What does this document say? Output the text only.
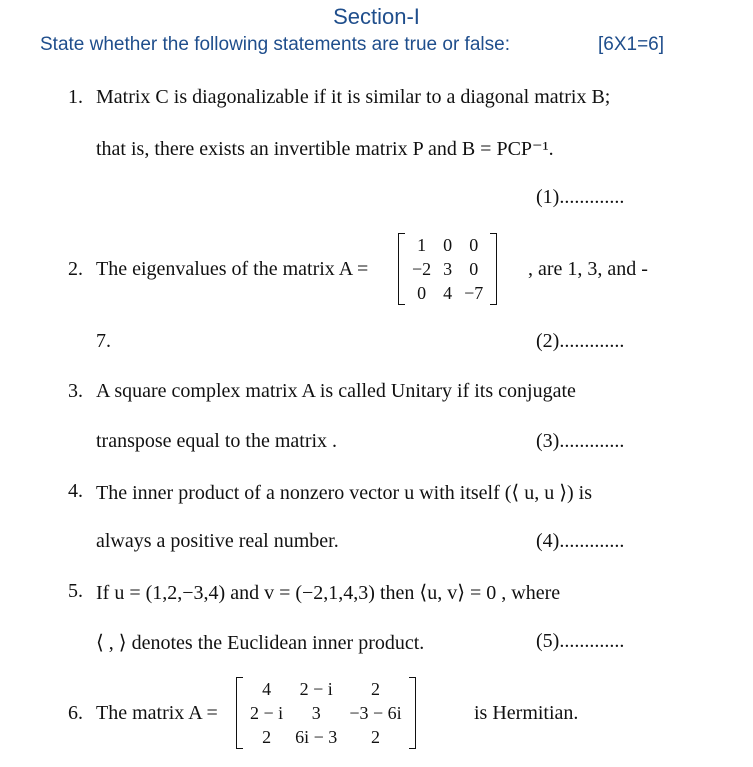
Section-I
State whether the following statements are true or false:	[6X1=6]
1. Matrix C is diagonalizable if it is similar to a diagonal matrix B;
that is, there exists an invertible matrix P and B = PCP⁻¹.
(1).............
2. The eigenvalues of the matrix A =
1	0	0
−2	3	0
0	4	−7
, are 1, 3, and -
7.	(2).............
3. A square complex matrix A is called Unitary if its conjugate
transpose equal to the matrix .	(3).............
4. The inner product of a nonzero vector u with itself (⟨ u, u ⟩) is
always a positive real number.	(4).............
5. If u = (1,2,−3,4) and v = (−2,1,4,3) then ⟨u, v⟩ = 0 , where
⟨ , ⟩ denotes the Euclidean inner product.	(5).............
6. The matrix A =
4	2 − i	2
2 − i	3	−3 − 6i
2	6i − 3	2
is Hermitian.
